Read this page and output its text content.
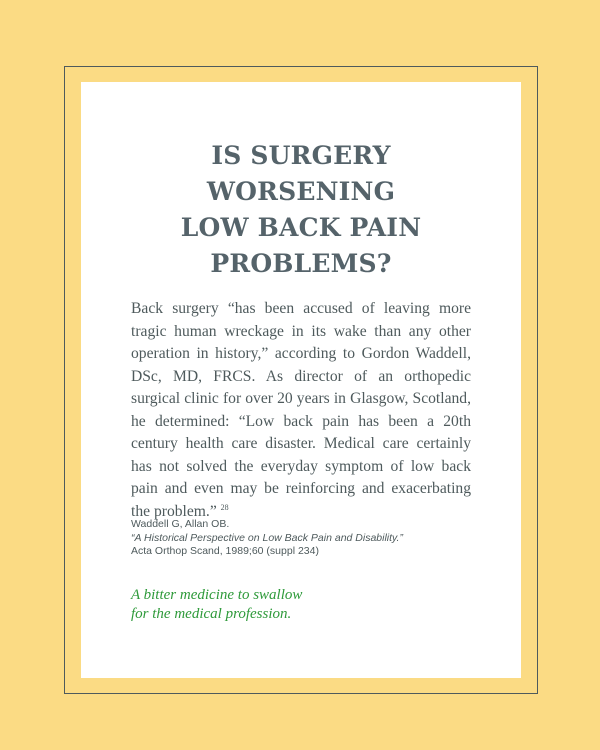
IS SURGERY
WORSENING
LOW BACK PAIN
PROBLEMS?

Back surgery “has been accused of leaving more tragic human wreckage in its wake than any other operation in history,” according to Gordon Waddell, DSc, MD, FRCS. As director of an orthopedic surgical clinic for over 20 years in Glasgow, Scotland, he determined: “Low back pain has been a 20th century health care disaster. Medical care certainly has not solved the everyday symptom of low back pain and even may be reinforcing and exacerbating the problem.” $^{28}$

Waddell G, Allan OB.
“A Historical Perspective on Low Back Pain and Disability.”
Acta Orthop Scand, 1989;60 (suppl 234)
A bitter medicine to swallow
for the medical profession.
